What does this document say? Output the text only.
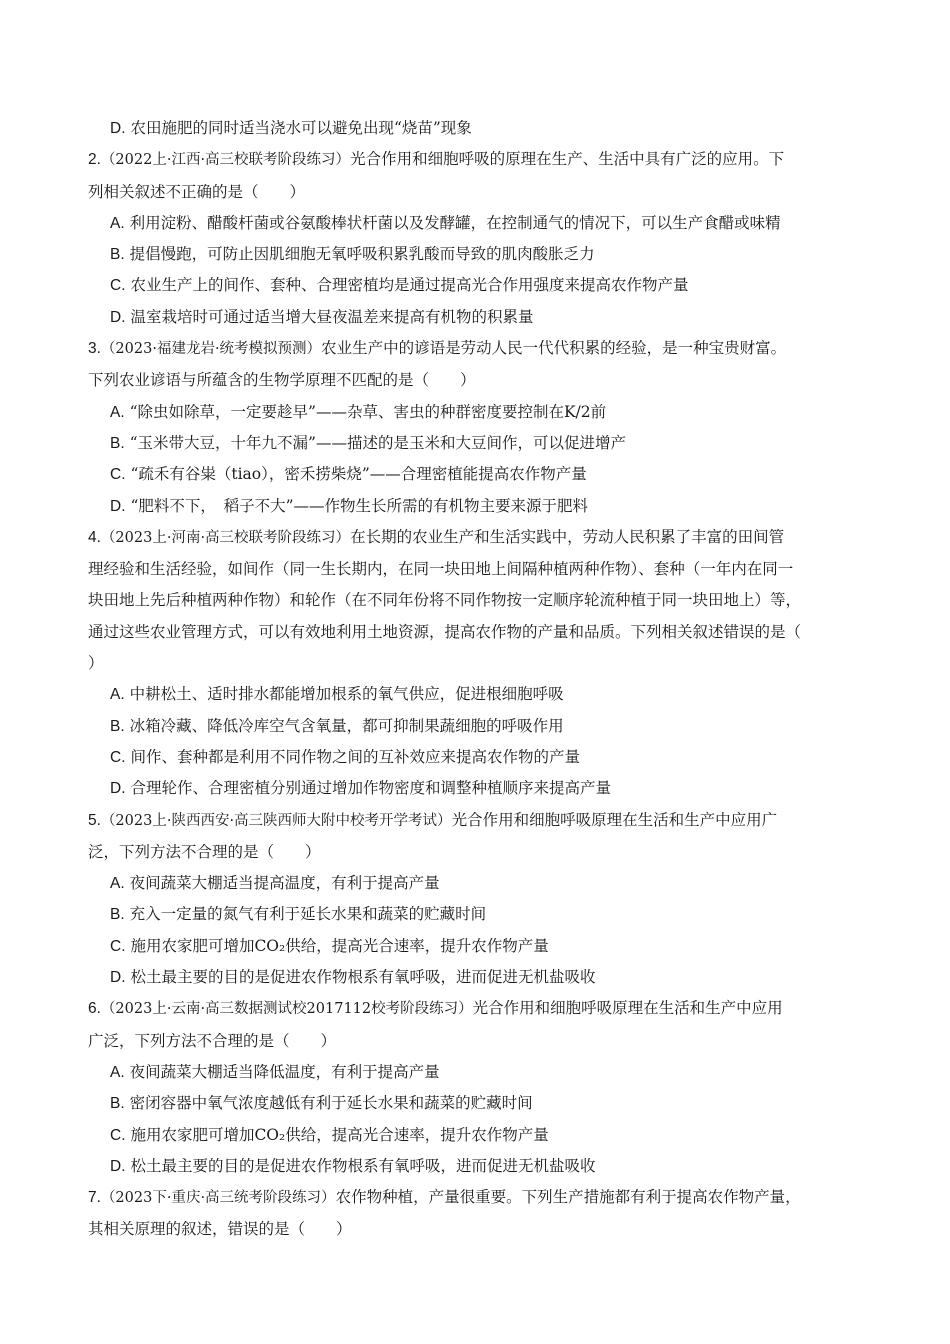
D. 农田施肥的同时适当浇水可以避免出现“烧苗”现象
2.（2022上·江西·高三校联考阶段练习）光合作用和细胞呼吸的原理在生产、生活中具有广泛的应用。下
列相关叙述不正确的是（　　）
A. 利用淀粉、醋酸杆菌或谷氨酸棒状杆菌以及发酵罐，在控制通气的情况下，可以生产食醋或味精
B. 提倡慢跑，可防止因肌细胞无氧呼吸积累乳酸而导致的肌肉酸胀乏力
C. 农业生产上的间作、套种、合理密植均是通过提高光合作用强度来提高农作物产量
D. 温室栽培时可通过适当增大昼夜温差来提高有机物的积累量
3.（2023·福建龙岩·统考模拟预测）农业生产中的谚语是劳动人民一代代积累的经验，是一种宝贵财富。
下列农业谚语与所蕴含的生物学原理不匹配的是（　　）
A. “除虫如除草，一定要趁早”——杂草、害虫的种群密度要控制在K/2前
B. “玉米带大豆，十年九不漏”——描述的是玉米和大豆间作，可以促进增产
C. “疏禾有谷粜（tiao），密禾捞柴烧”——合理密植能提高农作物产量
D. “肥料不下，　稻子不大”——作物生长所需的有机物主要来源于肥料
4.（2023上·河南·高三校联考阶段练习）在长期的农业生产和生活实践中，劳动人民积累了丰富的田间管
理经验和生活经验，如间作（同一生长期内，在同一块田地上间隔种植两种作物）、套种（一年内在同一
块田地上先后种植两种作物）和轮作（在不同年份将不同作物按一定顺序轮流种植于同一块田地上）等，
通过这些农业管理方式，可以有效地利用土地资源，提高农作物的产量和品质。下列相关叙述错误的是（
）
A. 中耕松土、适时排水都能增加根系的氧气供应，促进根细胞呼吸
B. 冰箱冷藏、降低冷库空气含氧量，都可抑制果蔬细胞的呼吸作用
C. 间作、套种都是利用不同作物之间的互补效应来提高农作物的产量
D. 合理轮作、合理密植分别通过增加作物密度和调整种植顺序来提高产量
5.（2023上·陕西西安·高三陕西师大附中校考开学考试）光合作用和细胞呼吸原理在生活和生产中应用广
泛，下列方法不合理的是（　　）
A. 夜间蔬菜大棚适当提高温度，有利于提高产量
B. 充入一定量的氮气有利于延长水果和蔬菜的贮藏时间
C. 施用农家肥可增加CO₂供给，提高光合速率，提升农作物产量
D. 松土最主要的目的是促进农作物根系有氧呼吸，进而促进无机盐吸收
6.（2023上·云南·高三数据测试校2017112校考阶段练习）光合作用和细胞呼吸原理在生活和生产中应用
广泛，下列方法不合理的是（　　）
A. 夜间蔬菜大棚适当降低温度，有利于提高产量
B. 密闭容器中氧气浓度越低有利于延长水果和蔬菜的贮藏时间
C. 施用农家肥可增加CO₂供给，提高光合速率，提升农作物产量
D. 松土最主要的目的是促进农作物根系有氧呼吸，进而促进无机盐吸收
7.（2023下·重庆·高三统考阶段练习）农作物种植，产量很重要。下列生产措施都有利于提高农作物产量，
其相关原理的叙述，错误的是（　　）
